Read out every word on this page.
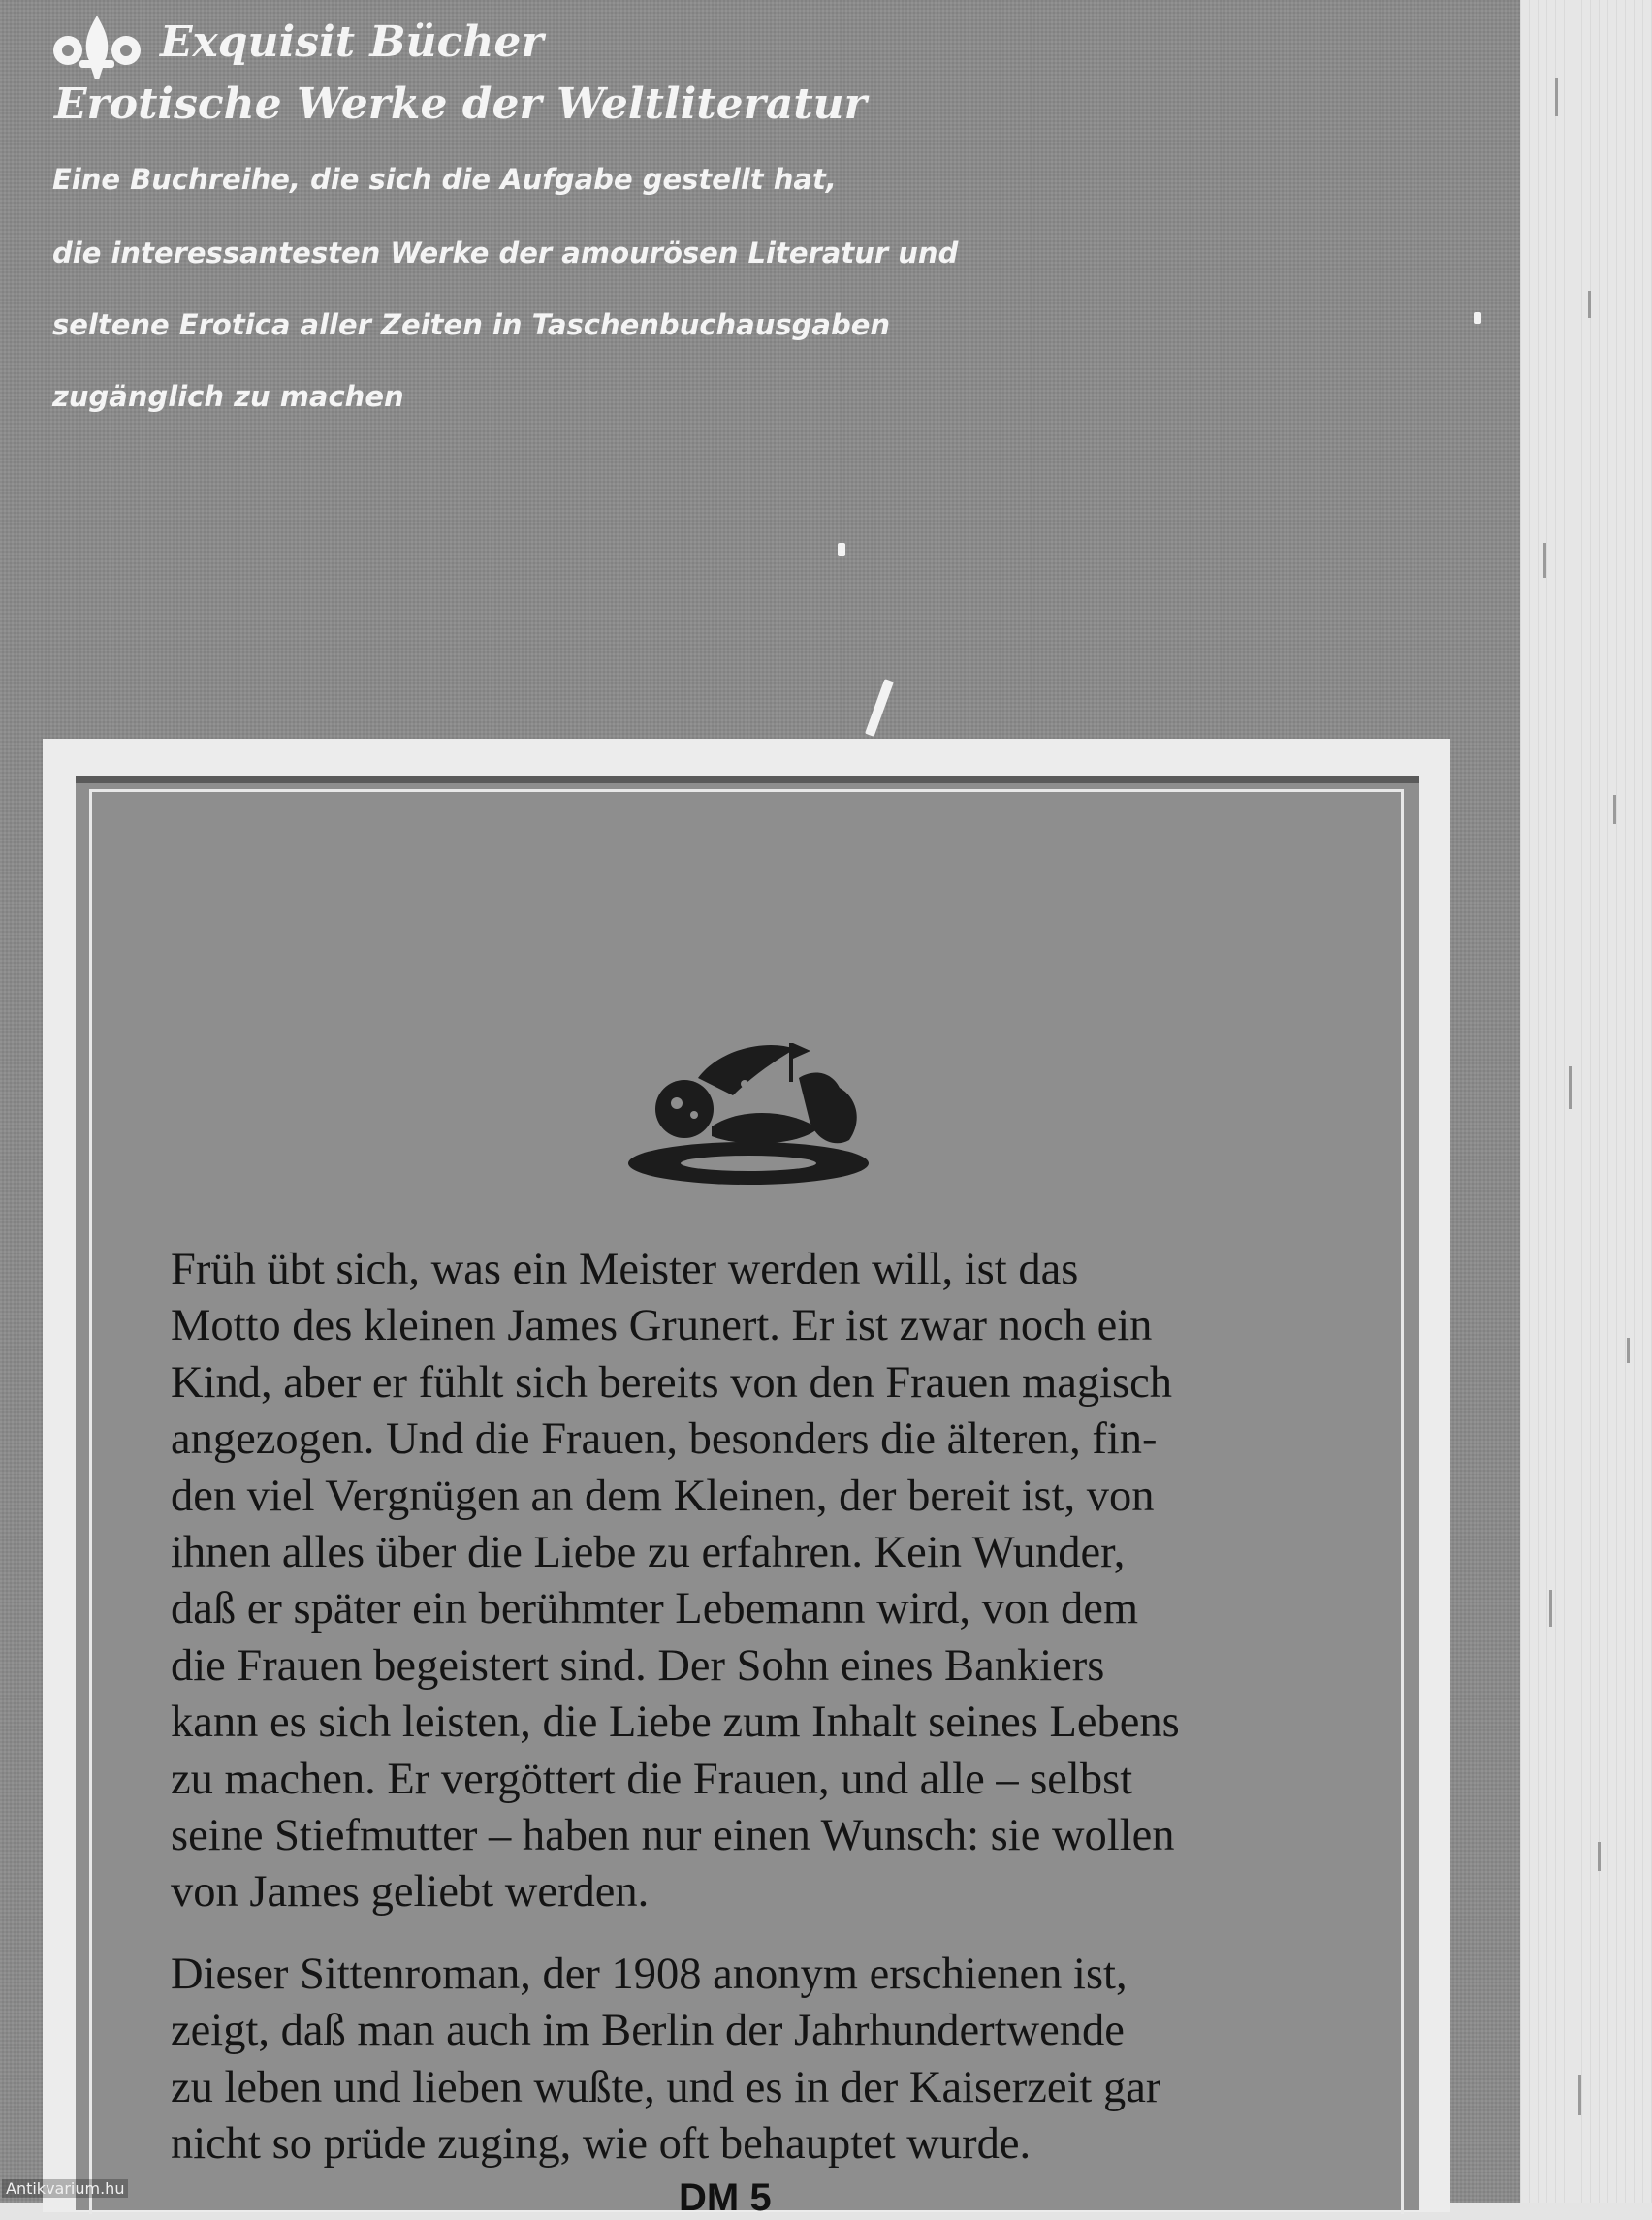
Exquisit Bücher
Erotische Werke der Weltliteratur
Eine Buchreihe, die sich die Aufgabe gestellt hat,
die interessantesten Werke der amourösen Literatur und
seltene Erotica aller Zeiten in Taschenbuchausgaben
zugänglich zu machen
Früh übt sich, was ein Meister werden will, ist das
Motto des kleinen James Grunert. Er ist zwar noch ein
Kind, aber er fühlt sich bereits von den Frauen magisch
angezogen. Und die Frauen, besonders die älteren, fin-
den viel Vergnügen an dem Kleinen, der bereit ist, von
ihnen alles über die Liebe zu erfahren. Kein Wunder,
daß er später ein berühmter Lebemann wird, von dem
die Frauen begeistert sind. Der Sohn eines Bankiers
kann es sich leisten, die Liebe zum Inhalt seines Lebens
zu machen. Er vergöttert die Frauen, und alle – selbst
seine Stiefmutter – haben nur einen Wunsch: sie wollen
von James geliebt werden.
Dieser Sittenroman, der 1908 anonym erschienen ist,
zeigt, daß man auch im Berlin der Jahrhundertwende
zu leben und lieben wußte, und es in der Kaiserzeit gar
nicht so prüde zuging, wie oft behauptet wurde.
DM 5
Antikvarium.hu
